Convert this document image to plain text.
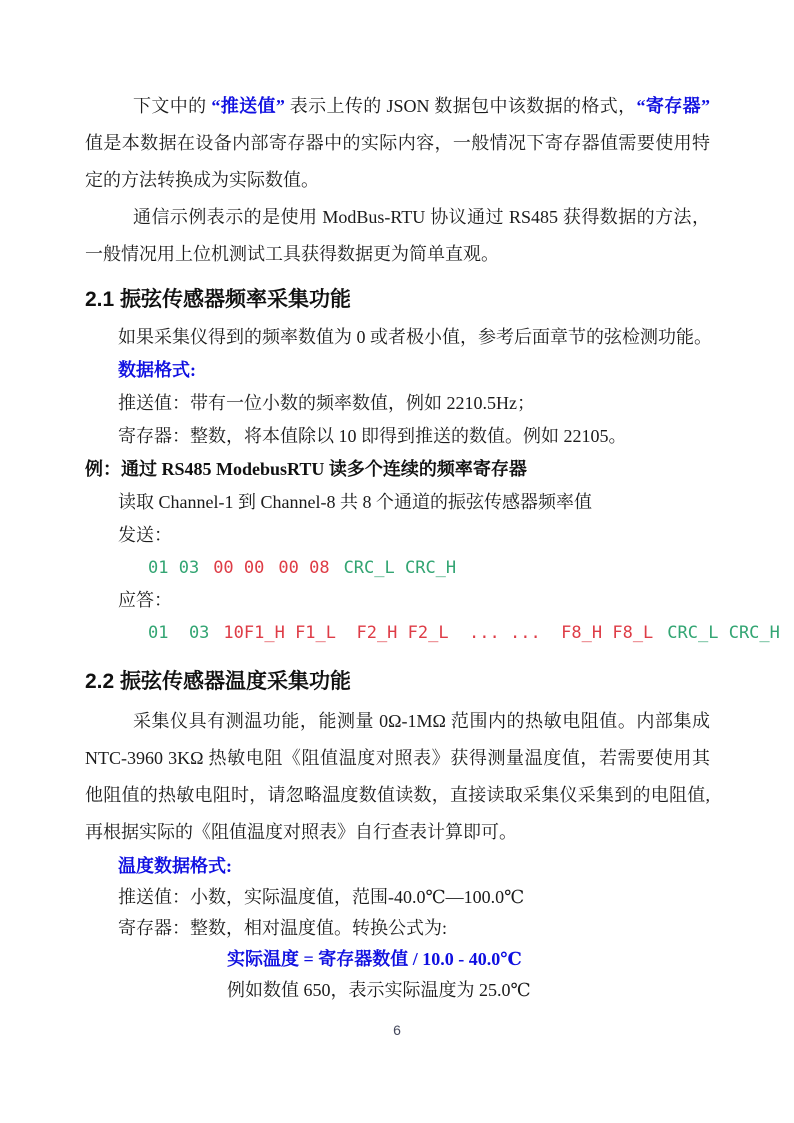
下文中的 “推送值” 表示上传的 JSON 数据包中该数据的格式，“寄存器” 值是本数据在设备内部寄存器中的实际内容，一般情况下寄存器值需要使用特定的方法转换成为实际数值。

通信示例表示的是使用 ModBus-RTU 协议通过 RS485 获得数据的方法，一般情况用上位机测试工具获得数据更为简单直观。

2.1 振弦传感器频率采集功能
如果采集仪得到的频率数值为 0 或者极小值，参考后面章节的弦检测功能。
数据格式:
推送值：带有一位小数的频率数值，例如 2210.5Hz；
寄存器：整数，将本值除以 10 即得到推送的数值。例如 22105。
例：通过 RS485 ModebusRTU 读多个连续的频率寄存器
读取 Channel-1 到 Channel-8 共 8 个通道的振弦传感器频率值
发送：
01 03 00 00 00 08 CRC_L CRC_H
应答：
01  03 10F1_H F1_L  F2_H F2_L  ... ...  F8_H F8_L CRC_L CRC_H
2.2 振弦传感器温度采集功能

采集仪具有测温功能，能测量 0Ω-1MΩ 范围内的热敏电阻值。内部集成 NTC-3960 3KΩ 热敏电阻《阻值温度对照表》获得测量温度值，若需要使用其他阻值的热敏电阻时，请忽略温度数值读数，直接读取采集仪采集到的电阻值,再根据实际的《阻值温度对照表》自行查表计算即可。

温度数据格式:
推送值：小数，实际温度值，范围-40.0℃—100.0℃
寄存器：整数，相对温度值。转换公式为:
实际温度 = 寄存器数值 / 10.0 - 40.0℃
例如数值 650，表示实际温度为 25.0℃
6
